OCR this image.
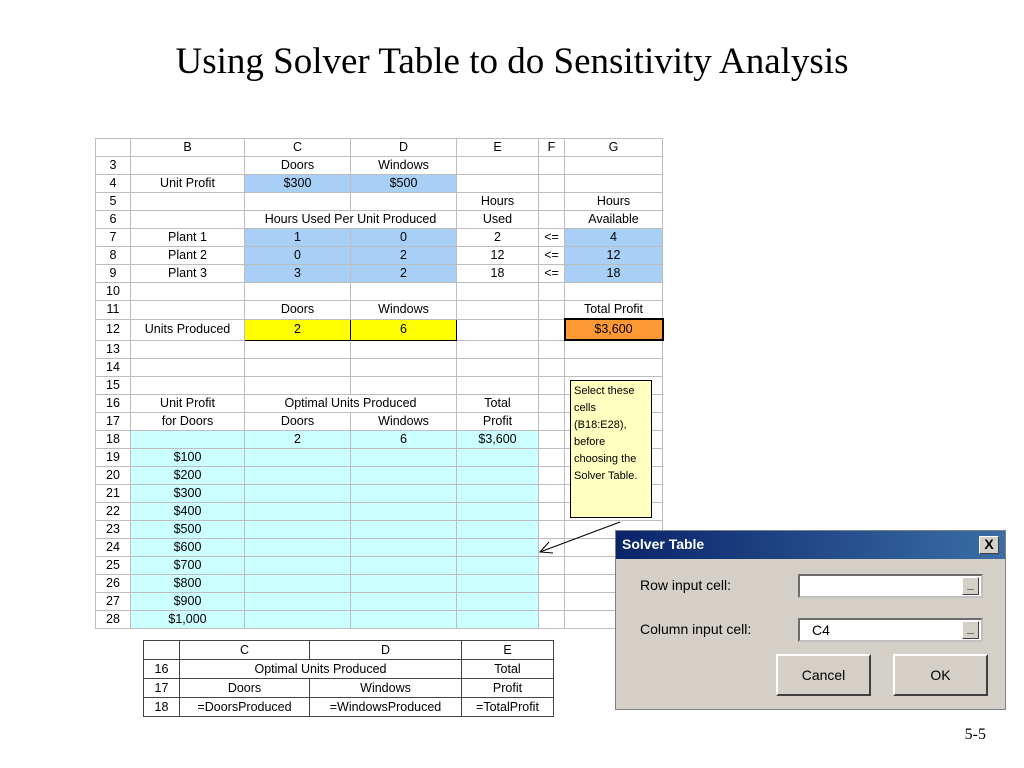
Using Solver Table to do Sensitivity Analysis
	B	C	D	E	F	G
3		Doors	Windows			
4	Unit Profit	$300	$500			
5				Hours		Hours
6		Hours Used Per Unit Produced		Used		Available
7	Plant 1	1	0	2	<=	4
8	Plant 2	0	2	12	<=	12
9	Plant 3	3	2	18	<=	18
10						
11		Doors	Windows			Total Profit
12	Units Produced	2	6			$3,600
13						
14						
15						
16	Unit Profit	Optimal Units Produced		Total		
17	for Doors	Doors	Windows	Profit		
18		2	6	$3,600		
19	$100					
20	$200					
21	$300					
22	$400					
23	$500					
24	$600					
25	$700					
26	$800					
27	$900					
28	$1,000					
Select these cells (B18:E28), before choosing the Solver Table.
	C	D	E
16	Optimal Units Produced		Total
17	Doors	Windows	Profit
18	=DoorsProduced	=WindowsProduced	=TotalProfit
Solver Table	X
Row input cell:	_
Column input cell:	C4	_
Cancel	OK
5-5
